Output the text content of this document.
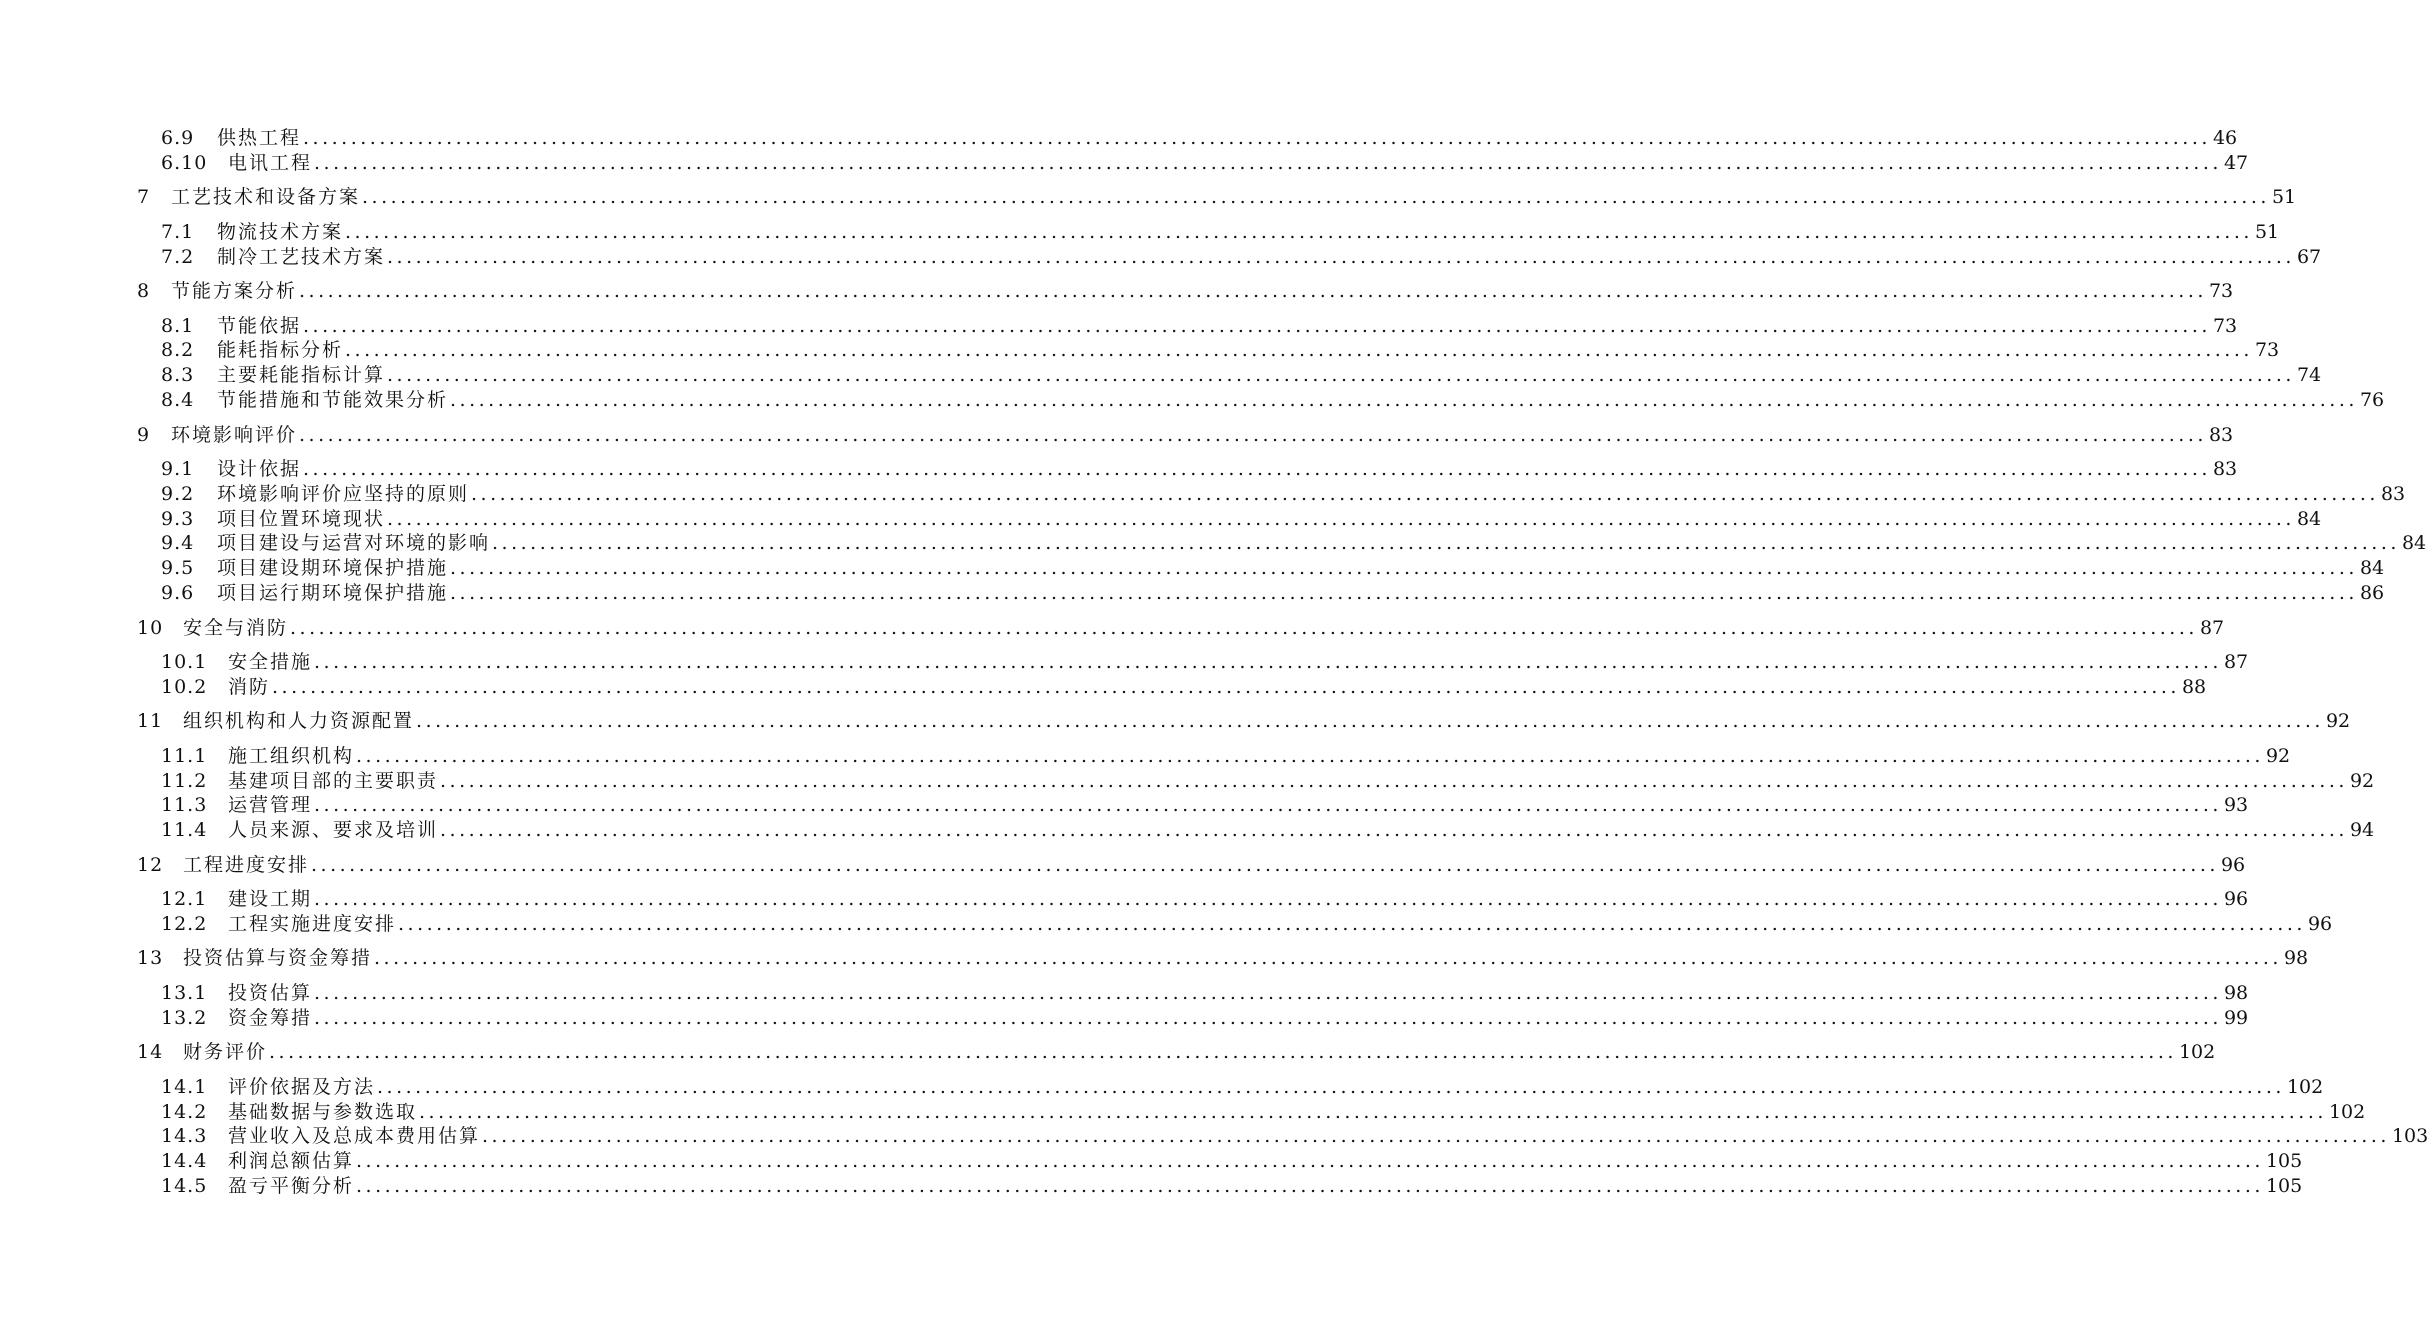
6.9	供热工程 ........................................................................................................................................................................................................ 46
6.10	电讯工程 ........................................................................................................................................................................................................ 47
7	工艺技术和设备方案 ........................................................................................................................................................................................................ 51
7.1	物流技术方案 ........................................................................................................................................................................................................ 51
7.2	制冷工艺技术方案 ........................................................................................................................................................................................................ 67
8	节能方案分析 ........................................................................................................................................................................................................ 73
8.1	节能依据 ........................................................................................................................................................................................................ 73
8.2	能耗指标分析 ........................................................................................................................................................................................................ 73
8.3	主要耗能指标计算 ........................................................................................................................................................................................................ 74
8.4	节能措施和节能效果分析 ........................................................................................................................................................................................................ 76
9	环境影响评价 ........................................................................................................................................................................................................ 83
9.1	设计依据 ........................................................................................................................................................................................................ 83
9.2	环境影响评价应坚持的原则 ........................................................................................................................................................................................................ 83
9.3	项目位置环境现状 ........................................................................................................................................................................................................ 84
9.4	项目建设与运营对环境的影响 ........................................................................................................................................................................................................ 84
9.5	项目建设期环境保护措施 ........................................................................................................................................................................................................ 84
9.6	项目运行期环境保护措施 ........................................................................................................................................................................................................ 86
10	安全与消防 ........................................................................................................................................................................................................ 87
10.1	安全措施 ........................................................................................................................................................................................................ 87
10.2	消防 ........................................................................................................................................................................................................ 88
11	组织机构和人力资源配置 ........................................................................................................................................................................................................ 92
11.1	施工组织机构 ........................................................................................................................................................................................................ 92
11.2	基建项目部的主要职责 ........................................................................................................................................................................................................ 92
11.3	运营管理 ........................................................................................................................................................................................................ 93
11.4	人员来源、要求及培训 ........................................................................................................................................................................................................ 94
12	工程进度安排 ........................................................................................................................................................................................................ 96
12.1	建设工期 ........................................................................................................................................................................................................ 96
12.2	工程实施进度安排 ........................................................................................................................................................................................................ 96
13	投资估算与资金筹措 ........................................................................................................................................................................................................ 98
13.1	投资估算 ........................................................................................................................................................................................................ 98
13.2	资金筹措 ........................................................................................................................................................................................................ 99
14	财务评价 ........................................................................................................................................................................................................ 102
14.1	评价依据及方法 ........................................................................................................................................................................................................ 102
14.2	基础数据与参数选取 ........................................................................................................................................................................................................ 102
14.3	营业收入及总成本费用估算 ........................................................................................................................................................................................................ 103
14.4	利润总额估算 ........................................................................................................................................................................................................ 105
14.5	盈亏平衡分析 ........................................................................................................................................................................................................ 105
